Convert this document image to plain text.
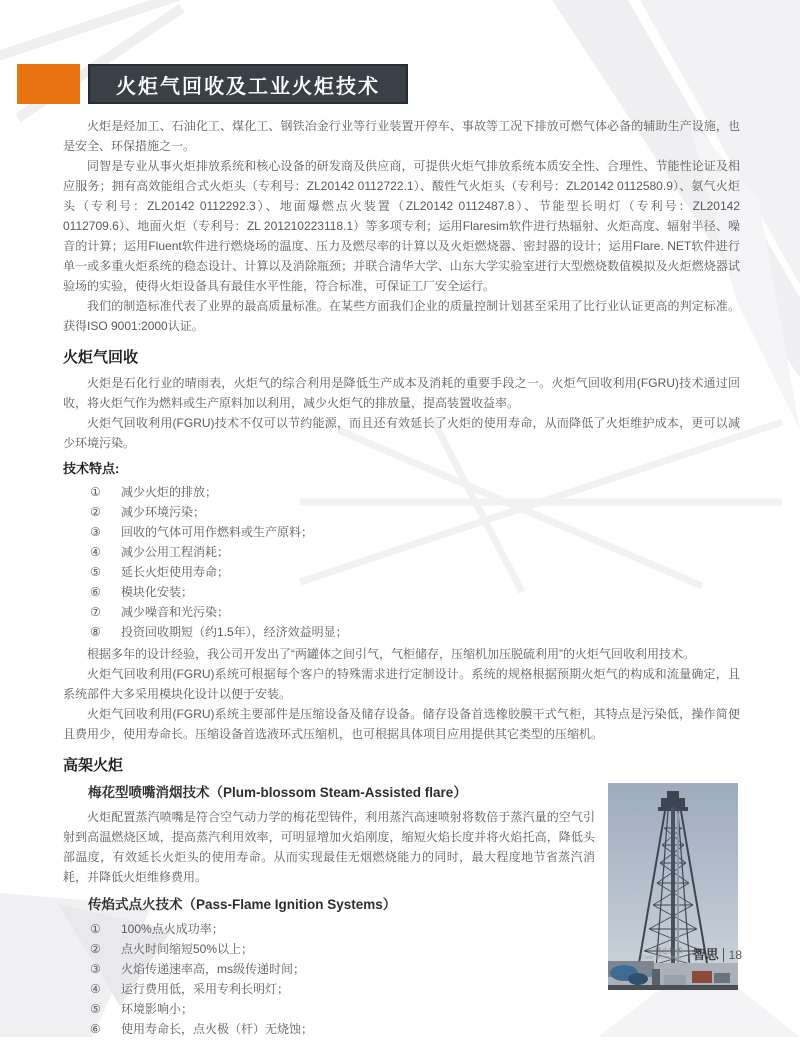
火炬气回收及工业火炬技术

火炬是烃加工、石油化工、煤化工、钢铁冶金行业等行业装置开停车、事故等工况下排放可燃气体必备的辅助生产设施，也是安全、环保措施之一。

同智是专业从事火炬排放系统和核心设备的研发商及供应商，可提供火炬气排放系统本质安全性、合理性、节能性论证及相应服务；拥有高效能组合式火炬头（专利号：ZL20142 0112722.1）、酸性气火炬头（专利号：ZL20142 0112580.9）、氨气火炬头（专利号：ZL20142 0112292.3）、地面爆燃点火装置（ZL20142 0112487.8）、节能型长明灯（专利号：ZL20142 0112709.6）、地面火炬（专利号：ZL 201210223118.1）等多项专利；运用Flaresim软件进行热辐射、火炬高度、辐射半径、噪音的计算；运用Fluent软件进行燃烧场的温度、压力及燃尽率的计算以及火炬燃烧器、密封器的设计；运用Flare. NET软件进行单一或多重火炬系统的稳态设计、计算以及消除瓶颈；并联合清华大学、山东大学实验室进行大型燃烧数值模拟及火炬燃烧器试验场的实验，使得火炬设备具有最佳水平性能，符合标准，可保证工厂安全运行。

我们的制造标准代表了业界的最高质量标准。在某些方面我们企业的质量控制计划甚至采用了比行业认证更高的判定标准。获得ISO 9001:2000认证。

火炬气回收

火炬是石化行业的晴雨表，火炬气的综合利用是降低生产成本及消耗的重要手段之一。火炬气回收利用(FGRU)技术通过回收，将火炬气作为燃料或生产原料加以利用，减少火炬气的排放量，提高装置收益率。

火炬气回收利用(FGRU)技术不仅可以节约能源，而且还有效延长了火炬的使用寿命，从而降低了火炬维护成本，更可以减少环境污染。

技术特点:
①	减少火炬的排放；
②	减少环境污染；
③	回收的气体可用作燃料或生产原料；
④	减少公用工程消耗；
⑤	延长火炬使用寿命；
⑥	模块化安装；
⑦	减少噪音和光污染；
⑧	投资回收期短（约1.5年），经济效益明显；

根据多年的设计经验，我公司开发出了“两罐体之间引气，气柜储存，压缩机加压脱硫利用”的火炬气回收利用技术。

火炬气回收利用(FGRU)系统可根据每个客户的特殊需求进行定制设计。系统的规格根据预期火炬气的构成和流量确定，且系统部件大多采用模块化设计以便于安装。

火炬气回收利用(FGRU)系统主要部件是压缩设备及储存设备。储存设备首选橡胶膜干式气柜，其特点是污染低，操作简便且费用少，使用寿命长。压缩设备首选液环式压缩机，也可根据具体项目应用提供其它类型的压缩机。

高架火炬
梅花型喷嘴消烟技术（Plum-blossom Steam-Assisted flare）

火炬配置蒸汽喷嘴是符合空气动力学的梅花型铸件，利用蒸汽高速喷射将数倍于蒸汽量的空气引射到高温燃烧区域，提高蒸汽利用效率，可明显增加火焰刚度，缩短火焰长度并将火焰托高，降低头部温度，有效延长火炬头的使用寿命。从而实现最佳无烟燃烧能力的同时，最大程度地节省蒸汽消耗，并降低火炬维修费用。

传焰式点火技术（Pass-Flame Ignition Systems）
①	100%点火成功率；
②	点火时间缩短50%以上；
③	火焰传递速率高，ms级传递时间；
④	运行费用低，采用专利长明灯；
⑤	环境影响小；
⑥	使用寿命长，点火极（杆）无烧蚀；
核心技术
Core Technology 智思 18
